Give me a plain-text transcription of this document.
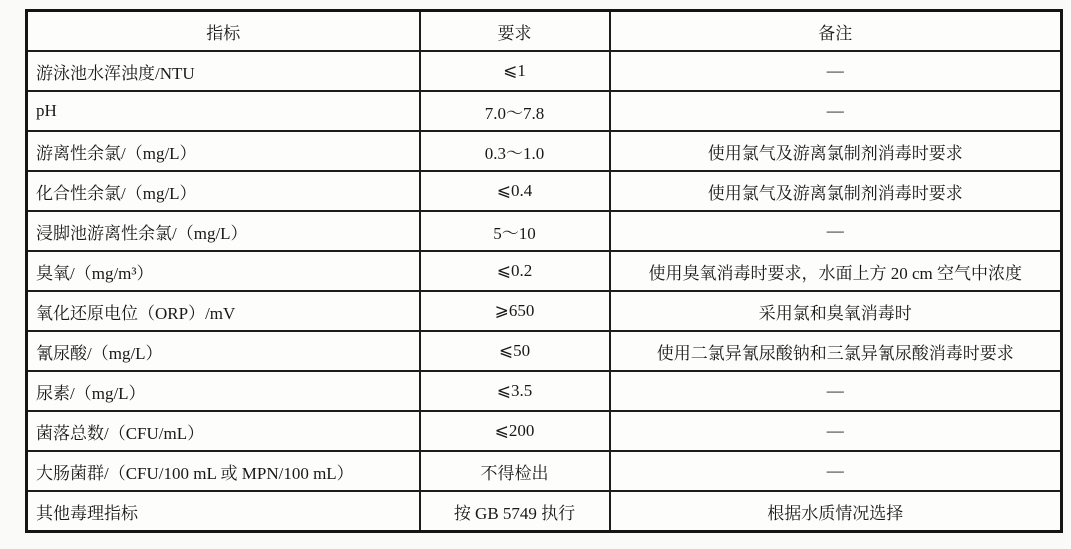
指标	要求	备注
游泳池水浑浊度/NTU	⩽1	—
pH	7.0～7.8	—
游离性余氯/（mg/L）	0.3～1.0	使用氯气及游离氯制剂消毒时要求
化合性余氯/（mg/L）	⩽0.4	使用氯气及游离氯制剂消毒时要求
浸脚池游离性余氯/（mg/L）	5～10	—
臭氧/（mg/m³）	⩽0.2	使用臭氧消毒时要求，水面上方 20 cm 空气中浓度
氧化还原电位（ORP）/mV	⩾650	采用氯和臭氧消毒时
氰尿酸/（mg/L）	⩽50	使用二氯异氰尿酸钠和三氯异氰尿酸消毒时要求
尿素/（mg/L）	⩽3.5	—
菌落总数/（CFU/mL）	⩽200	—
大肠菌群/（CFU/100 mL 或 MPN/100 mL）	不得检出	—
其他毒理指标	按 GB 5749 执行	根据水质情况选择
